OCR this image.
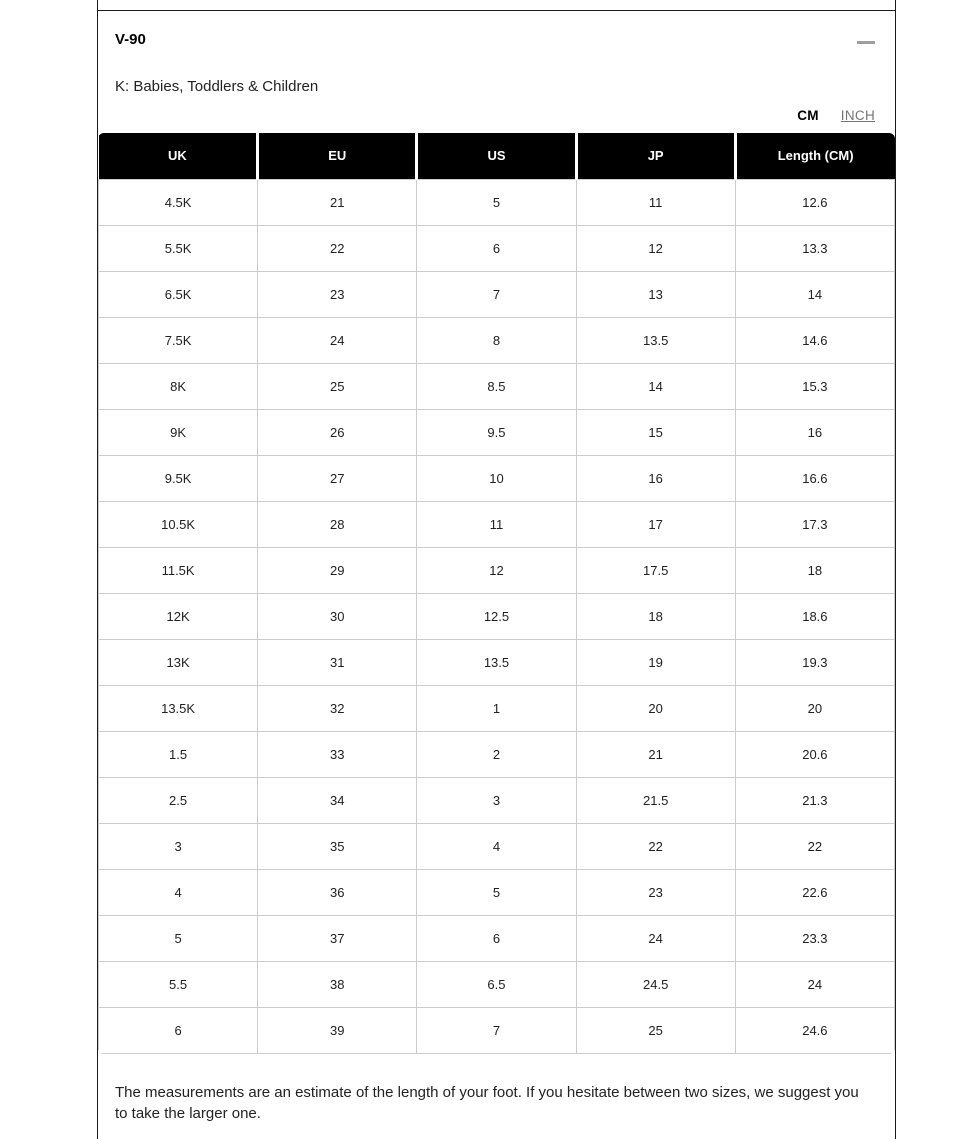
V-90

K: Babies, Toddlers & Children

CM INCH
UK	EU	US	JP	Length (CM)
4.5K	21	5	11	12.6
5.5K	22	6	12	13.3
6.5K	23	7	13	14
7.5K	24	8	13.5	14.6
8K	25	8.5	14	15.3
9K	26	9.5	15	16
9.5K	27	10	16	16.6
10.5K	28	11	17	17.3
11.5K	29	12	17.5	18
12K	30	12.5	18	18.6
13K	31	13.5	19	19.3
13.5K	32	1	20	20
1.5	33	2	21	20.6
2.5	34	3	21.5	21.3
3	35	4	22	22
4	36	5	23	22.6
5	37	6	24	23.3
5.5	38	6.5	24.5	24
6	39	7	25	24.6

The measurements are an estimate of the length of your foot. If you hesitate between two sizes, we suggest you to take the larger one.
